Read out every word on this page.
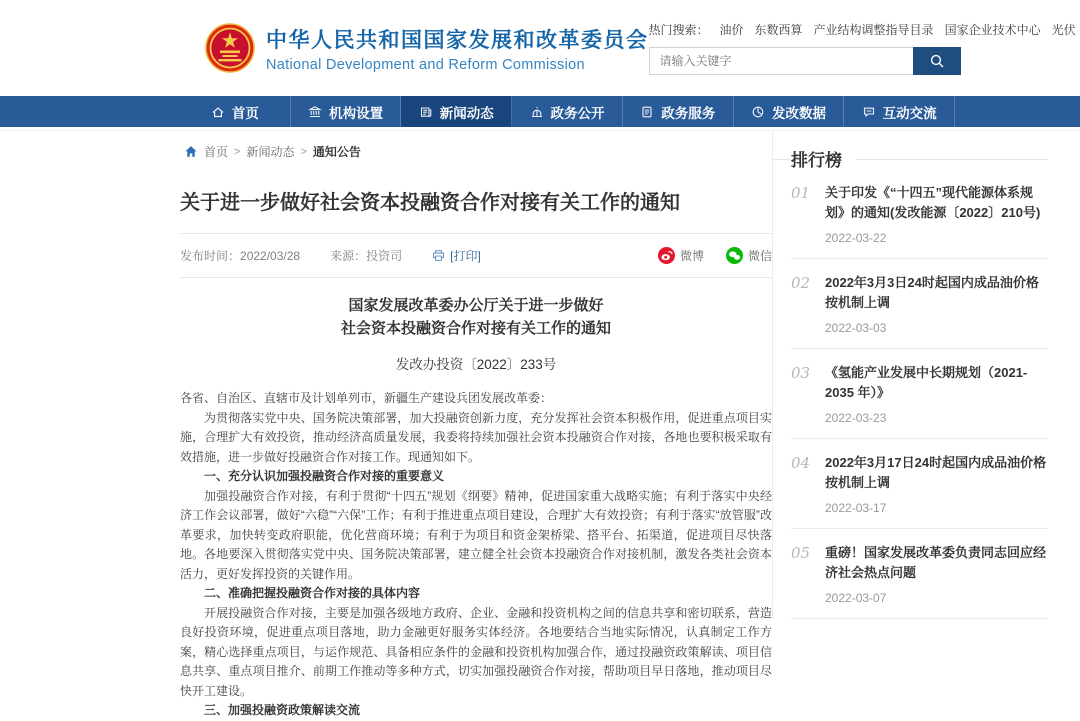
中华人民共和国国家发展和改革委员会
National Development and Reform Commission
热门搜索： 油价 东数西算 产业结构调整指导目录 国家企业技术中心 光伏
请输入关键字
首页	机构设置	新闻动态	政务公开	政务服务	发改数据	互动交流
首页 > 新闻动态 > 通知公告
关于进一步做好社会资本投融资合作对接有关工作的通知
发布时间：2022/03/28	来源：投资司	[打印]	微博	微信
国家发展改革委办公厅关于进一步做好
社会资本投融资合作对接有关工作的通知
发改办投资〔2022〕233号

各省、自治区、直辖市及计划单列市，新疆生产建设兵团发展改革委：

为贯彻落实党中央、国务院决策部署，加大投融资创新力度，充分发挥社会资本积极作用，促进重点项目实施，合理扩大有效投资，推动经济高质量发展，我委将持续加强社会资本投融资合作对接，各地也要积极采取有效措施，进一步做好投融资合作对接工作。现通知如下。

一、充分认识加强投融资合作对接的重要意义

加强投融资合作对接，有利于贯彻“十四五”规划《纲要》精神，促进国家重大战略实施；有利于落实中央经济工作会议部署，做好“六稳”“六保”工作；有利于推进重点项目建设，合理扩大有效投资；有利于落实“放管服”改革要求，加快转变政府职能，优化营商环境；有利于为项目和资金架桥梁、搭平台、拓渠道，促进项目尽快落地。各地要深入贯彻落实党中央、国务院决策部署，建立健全社会资本投融资合作对接机制，激发各类社会资本活力，更好发挥投资的关键作用。

二、准确把握投融资合作对接的具体内容

开展投融资合作对接，主要是加强各级地方政府、企业、金融和投资机构之间的信息共享和密切联系，营造良好投资环境，促进重点项目落地，助力金融更好服务实体经济。各地要结合当地实际情况，认真制定工作方案，精心选择重点项目，与运作规范、具备相应条件的金融和投资机构加强合作，通过投融资政策解读、项目信息共享、重点项目推介、前期工作推动等多种方式，切实加强投融资合作对接，帮助项目早日落地，推动项目尽快开工建设。

三、加强投融资政策解读交流

排行榜
01 关于印发《“十四五”现代能源体系规划》的通知(发改能源〔2022〕210号)
2022-03-22
02 2022年3月3日24时起国内成品油价格按机制上调
2022-03-03
03 《氢能产业发展中长期规划（2021-2035 年）》
2022-03-23
04 2022年3月17日24时起国内成品油价格按机制上调
2022-03-17
05 重磅！国家发展改革委负责同志回应经济社会热点问题
2022-03-07
